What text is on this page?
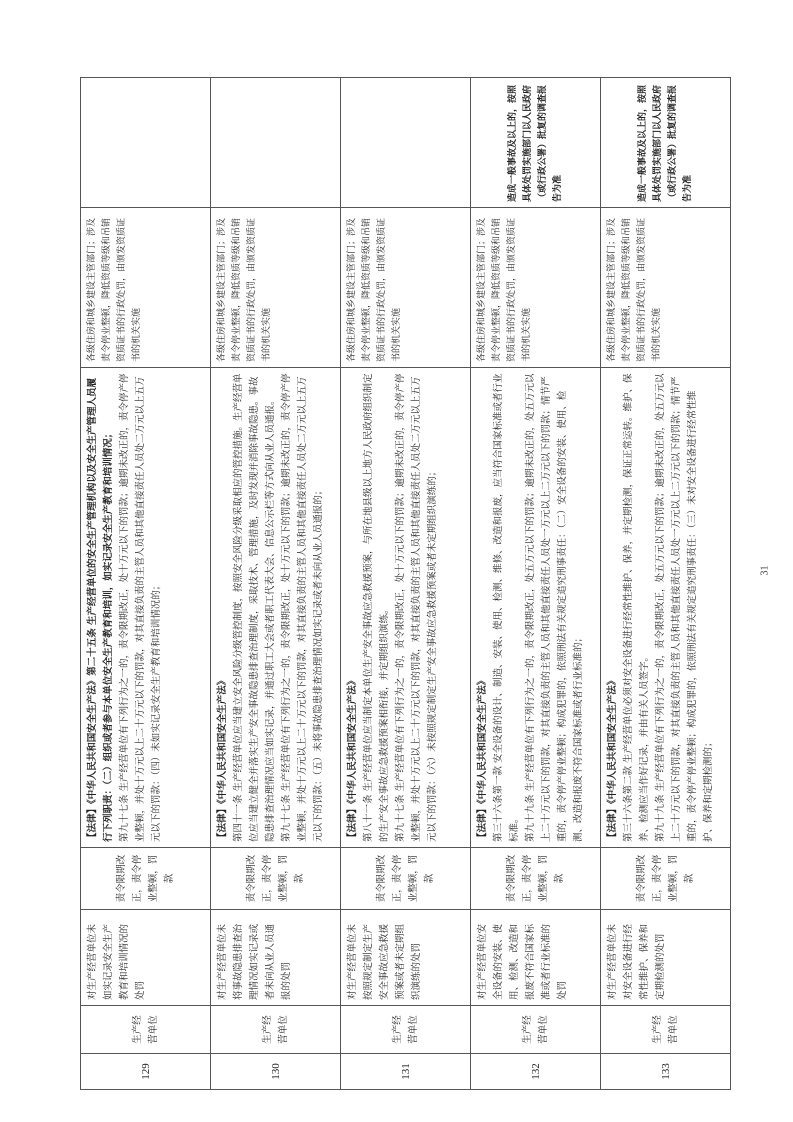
129	生产经营单位	对生产经营单位未如实记录安全生产教育和培训情况的处罚	责令限期改正，责令停业整顿，罚款	【法律】《中华人民共和国安全生产法》第二十五条 生产经营单位的安全生产管理机构以及安全生产管理人员履行下列职责：（二）组织或者参与本单位安全生产教育和培训，如实记录安全生产教育和培训情况； 第九十七条 生产经营单位有下列行为之一的，责令限期改正，处十万元以下的罚款；逾期未改正的，责令停产停业整顿，并处十万元以上二十万元以下的罚款，对其直接负责的主管人员和其他直接责任人员处二万元以上五万元以下的罚款：（四）未如实记录安全生产教育和培训情况的；	各级住房和城乡建设主管部门；涉及责令停业整顿，降低资质等级和吊销资质证书的行政处罚，由颁发资质证书的机关实施	

130	生产经营单位	对生产经营单位未将事故隐患排查治理情况如实记录或者未向从业人员通报的处罚	责令限期改正，责令停业整顿，罚款	【法律】《中华人民共和国安全生产法》 第四十一条 生产经营单位应当建立安全风险分级管控制度，按照安全风险分级采取相应的管控措施。生产经营单位应当建立健全并落实生产安全事故隐患排查治理制度，采取技术、管理措施，及时发现并消除事故隐患。事故隐患排查治理情况应当如实记录，并通过职工大会或者职工代表大会、信息公示栏等方式向从业人员通报。 第九十七条 生产经营单位有下列行为之一的，责令限期改正，处十万元以下的罚款；逾期未改正的，责令停产停业整顿，并处十万元以上二十万元以下的罚款，对其直接负责的主管人员和其他直接责任人员处二万元以上五万元以下的罚款：（五）未将事故隐患排查治理情况如实记录或者未向从业人员通报的；	各级住房和城乡建设主管部门；涉及责令停业整顿，降低资质等级和吊销资质证书的行政处罚，由颁发资质证书的机关实施	

131	生产经营单位	对生产经营单位未按照规定制定生产安全事故应急救援预案或者未定期组织演练的处罚	责令限期改正，责令停业整顿，罚款	【法律】《中华人民共和国安全生产法》 第八十一条 生产经营单位应当制定本单位生产安全事故应急救援预案，与所在地县级以上地方人民政府组织制定的生产安全事故应急救援预案相衔接，并定期组织演练。 第九十七条 生产经营单位有下列行为之一的，责令限期改正，处十万元以下的罚款；逾期未改正的，责令停产停业整顿，并处十万元以上二十万元以下的罚款，对其直接负责的主管人员和其他直接责任人员处二万元以上五万元以下的罚款：（六）未按照规定制定生产安全事故应急救援预案或者未定期组织演练的；	各级住房和城乡建设主管部门；涉及责令停业整顿，降低资质等级和吊销资质证书的行政处罚，由颁发资质证书的机关实施	

132	生产经营单位	对生产经营单位安全设备的安装、使用、检测、改造和报废不符合国家标准或者行业标准的处罚	责令限期改正，责令停业整顿，罚款	【法律】《中华人民共和国安全生产法》 第三十六条第一款 安全设备的设计、制造、安装、使用、检测、维修、改造和报废，应当符合国家标准或者行业标准。 第九十九条 生产经营单位有下列行为之一的，责令限期改正，处五万元以下的罚款；逾期未改正的，处五万元以上二十万元以下的罚款，对其直接负责的主管人员和其他直接责任人员处一万元以上二万元以下的罚款；情节严重的，责令停产停业整顿；构成犯罪的，依照刑法有关规定追究刑事责任：（二）安全设备的安装、使用、检测、改造和报废不符合国家标准或者行业标准的；	各级住房和城乡建设主管部门；涉及责令停业整顿，降低资质等级和吊销资质证书的行政处罚，由颁发资质证书的机关实施	造成一般事故及以上的，按照具体处罚实施部门以人民政府（或行政公署）批复的调查报告为准

133	生产经营单位	对生产经营单位未对安全设备进行经常性维护、保养和定期检测的处罚	责令限期改正，责令停业整顿，罚款	【法律】《中华人民共和国安全生产法》 第三十六条第二款 生产经营单位必须对安全设备进行经常性维护、保养，并定期检测，保证正常运转。维护、保养、检测应当作好记录，并由有关人员签字。 第九十九条 生产经营单位有下列行为之一的，责令限期改正，处五万元以下的罚款；逾期未改正的，处五万元以上二十万元以下的罚款，对其直接负责的主管人员和其他直接责任人员处一万元以上二万元以下的罚款；情节严重的，责令停产停业整顿；构成犯罪的，依照刑法有关规定追究刑事责任：（三）未对安全设备进行经常性维护、保养和定期检测的；	各级住房和城乡建设主管部门；涉及责令停业整顿，降低资质等级和吊销资质证书的行政处罚，由颁发资质证书的机关实施	造成一般事故及以上的，按照具体处罚实施部门以人民政府（或行政公署）批复的调查报告为准
31
